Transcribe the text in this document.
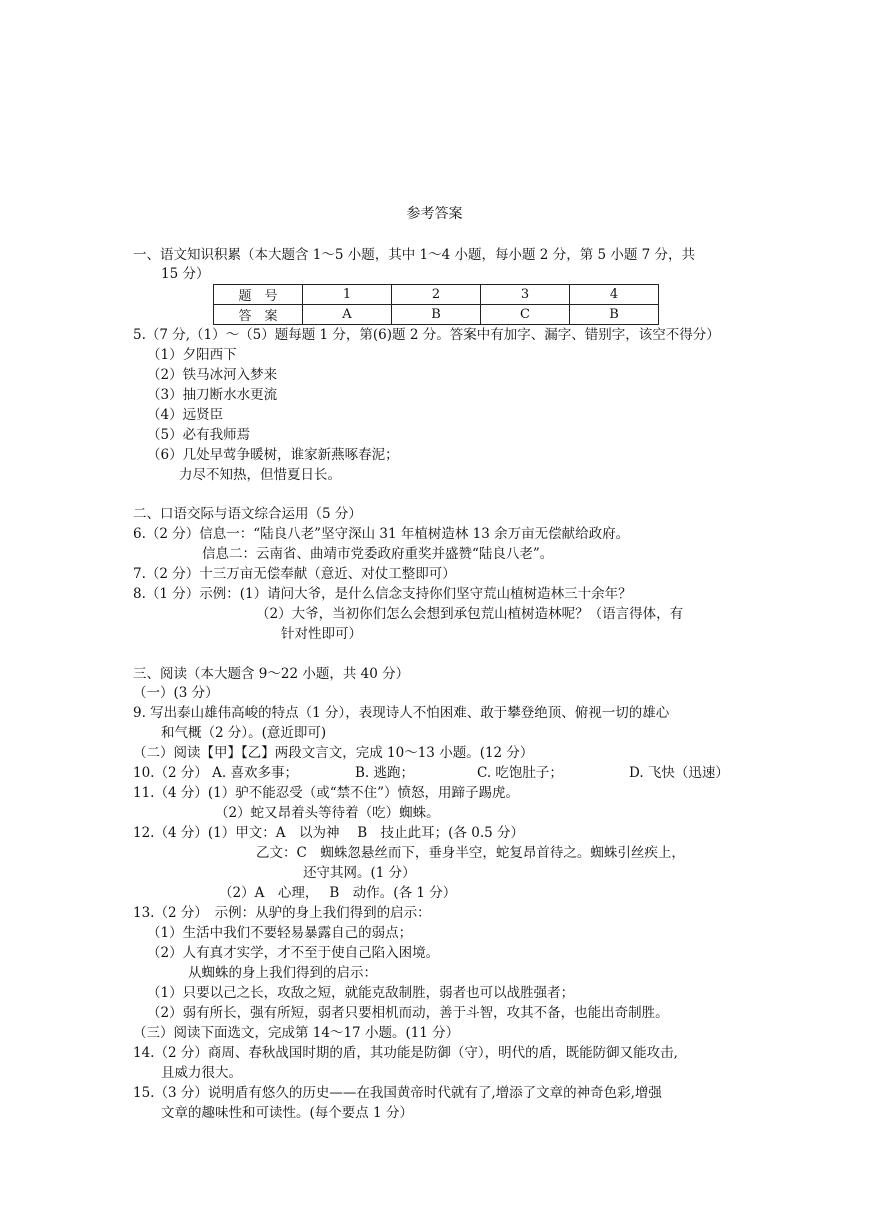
参考答案
一、语文知识积累（本大题含 1～5 小题，其中 1～4 小题，每小题 2 分，第 5 小题 7 分，共
15 分）
题　号	1	2	3	4
答　案	A	B	C	B
5.（7 分,（1）～（5）题每题 1 分，第(6)题 2 分。答案中有加字、漏字、错别字，该空不得分）
（1）夕阳西下
（2）铁马冰河入梦来
（3）抽刀断水水更流
（4）远贤臣
（5）必有我师焉
（6）几处早莺争暖树，谁家新燕啄春泥；
力尽不知热，但惜夏日长。
二、口语交际与语文综合运用（5 分）
6.（2 分）信息一：“陆良八老”坚守深山 31 年植树造林 13 余万亩无偿献给政府。
信息二：云南省、曲靖市党委政府重奖并盛赞“陆良八老”。
7.（2 分）十三万亩无偿奉献（意近、对仗工整即可）
8.（1 分）示例：(1）请问大爷，是什么信念支持你们坚守荒山植树造林三十余年？
（2）大爷，当初你们怎么会想到承包荒山植树造林呢？（语言得体，有
针对性即可）
三、阅读（本大题含 9～22 小题，共 40 分）
（一）(3 分）
9. 写出泰山雄伟高峻的特点（1 分），表现诗人不怕困难、敢于攀登绝顶、俯视一切的雄心
和气概（2 分）。(意近即可)
（二）阅读【甲】【乙】两段文言文，完成 10～13 小题。(12 分）
10.（2 分） A. 喜欢多事；	B. 逃跑；	C. 吃饱肚子；	D. 飞快（迅速）
11.（4 分）(1）驴不能忍受（或“禁不住”）愤怒，用蹄子踢虎。
（2）蛇又昂着头等待着（吃）蜘蛛。
12.（4 分）(1）甲文：A　以为神　 B　技止此耳；(各 0.5 分）
乙文：C　蜘蛛忽悬丝而下，垂身半空，蛇复昂首待之。蜘蛛引丝疾上，
还守其网。(1 分）
（2）A　心理，　 B　动作。(各 1 分）
13.（2 分）　示例：从驴的身上我们得到的启示：
（1）生活中我们不要轻易暴露自己的弱点；
（2）人有真才实学，才不至于使自己陷入困境。
从蜘蛛的身上我们得到的启示：
（1）只要以己之长，攻敌之短，就能克敌制胜，弱者也可以战胜强者；
（2）弱有所长，强有所短，弱者只要相机而动，善于斗智，攻其不备，也能出奇制胜。
（三）阅读下面选文，完成第 14～17 小题。(11 分）
14.（2 分）商周、春秋战国时期的盾，其功能是防御（守），明代的盾，既能防御又能攻击,
且威力很大。
15.（3 分）说明盾有悠久的历史——在我国黄帝时代就有了,增添了文章的神奇色彩,增强
文章的趣味性和可读性。(每个要点 1 分）
